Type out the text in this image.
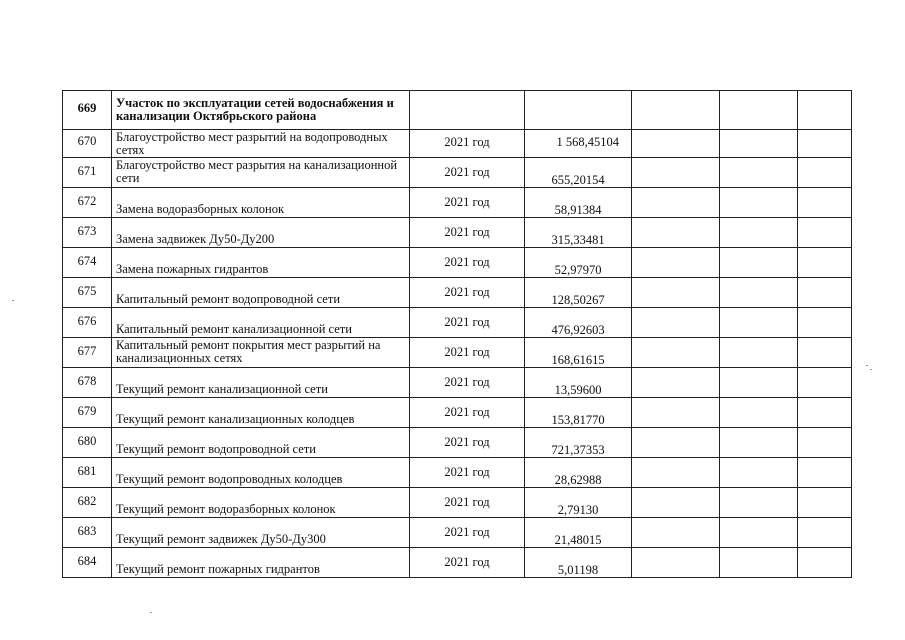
669	Участок по эксплуатации сетей водоснабжения и канализации Октябрьского района					
670	Благоустройство мест разрытий на водопроводных сетях	2021 год	1 568,45104			
671	Благоустройство мест разрытия на канализационной сети	2021 год	655,20154			
672	Замена водоразборных колонок	2021 год	58,91384			
673	Замена задвижек Ду50-Ду200	2021 год	315,33481			
674	Замена пожарных гидрантов	2021 год	52,97970			
675	Капитальный ремонт водопроводной сети	2021 год	128,50267			
676	Капитальный ремонт канализационной сети	2021 год	476,92603			
677	Капитальный ремонт покрытия мест разрытий на канализационных сетях	2021 год	168,61615			
678	Текущий ремонт канализационной сети	2021 год	13,59600			
679	Текущий ремонт канализационных колодцев	2021 год	153,81770			
680	Текущий ремонт водопроводной сети	2021 год	721,37353			
681	Текущий ремонт водопроводных колодцев	2021 год	28,62988			
682	Текущий ремонт водоразборных колонок	2021 год	2,79130			
683	Текущий ремонт задвижек Ду50-Ду300	2021 год	21,48015			
684	Текущий ремонт пожарных гидрантов	2021 год	5,01198			
